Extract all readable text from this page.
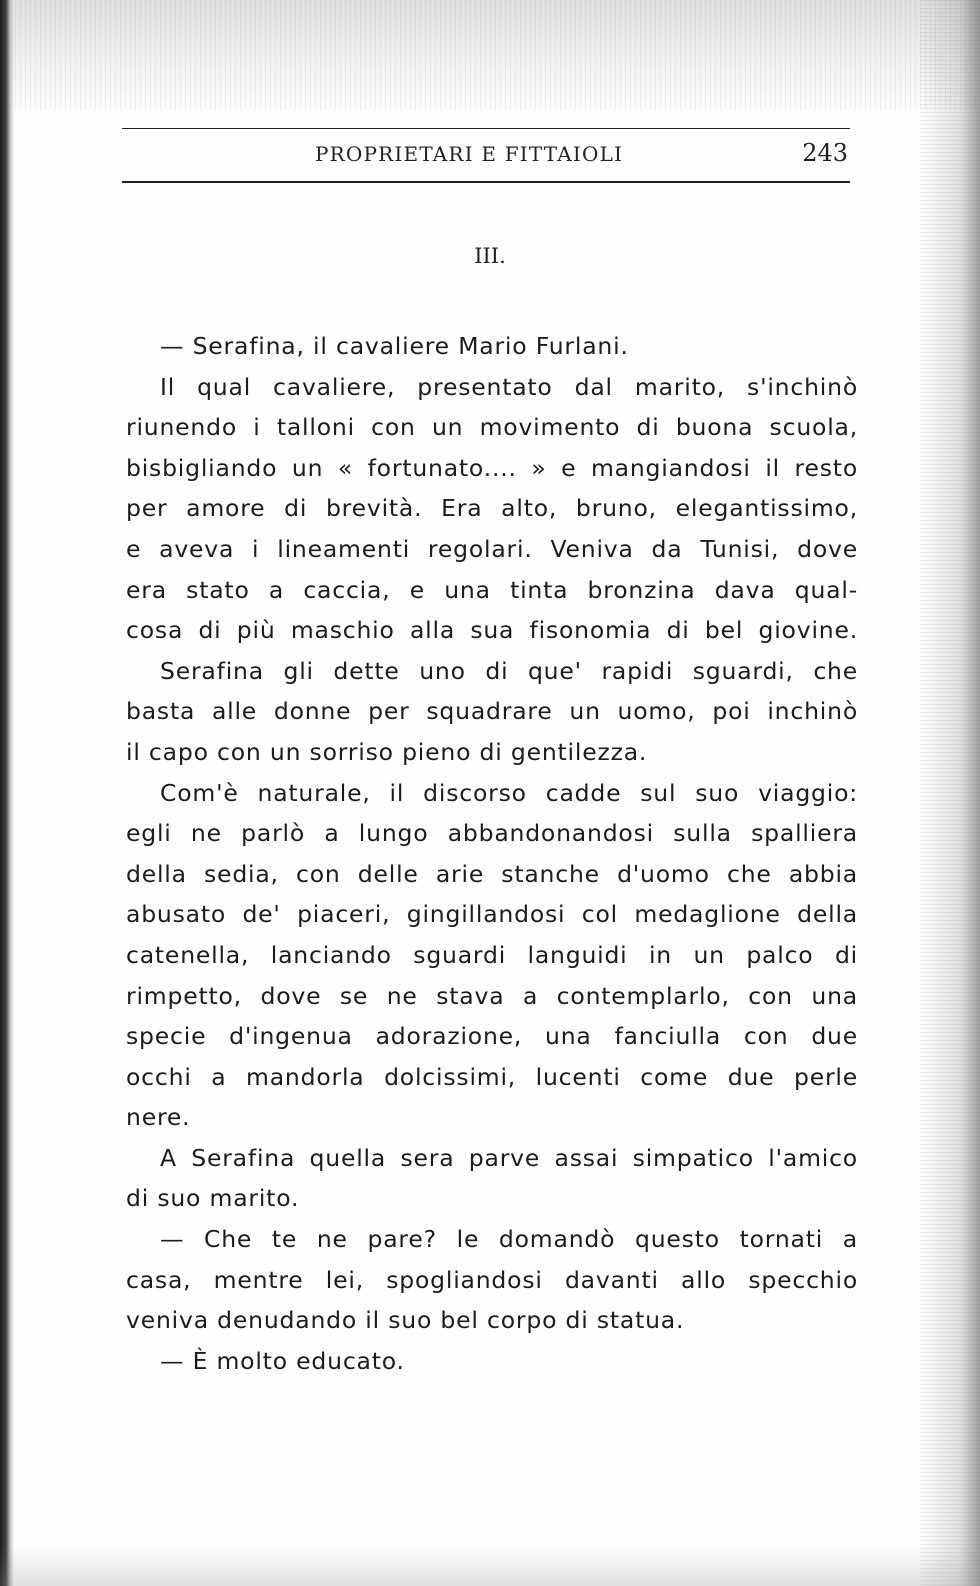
PROPRIETARI E FITTAIOLI	243
III.
— Serafina, il cavaliere Mario Furlani.
Il qual cavaliere, presentato dal marito, s'inchinò
riunendo i talloni con un movimento di buona scuola,
bisbigliando un « fortunato.... » e mangiandosi il resto
per amore di brevità. Era alto, bruno, elegantissimo,
e aveva i lineamenti regolari. Veniva da Tunisi, dove
era stato a caccia, e una tinta bronzina dava qual-
cosa di più maschio alla sua fisonomia di bel giovine.
Serafina gli dette uno di que' rapidi sguardi, che
basta alle donne per squadrare un uomo, poi inchinò
il capo con un sorriso pieno di gentilezza.
Com'è naturale, il discorso cadde sul suo viaggio:
egli ne parlò a lungo abbandonandosi sulla spalliera
della sedia, con delle arie stanche d'uomo che abbia
abusato de' piaceri, gingillandosi col medaglione della
catenella, lanciando sguardi languidi in un palco di
rimpetto, dove se ne stava a contemplarlo, con una
specie d'ingenua adorazione, una fanciulla con due
occhi a mandorla dolcissimi, lucenti come due perle
nere.
A Serafina quella sera parve assai simpatico l'amico
di suo marito.
— Che te ne pare? le domandò questo tornati a
casa, mentre lei, spogliandosi davanti allo specchio
veniva denudando il suo bel corpo di statua.
— È molto educato.
